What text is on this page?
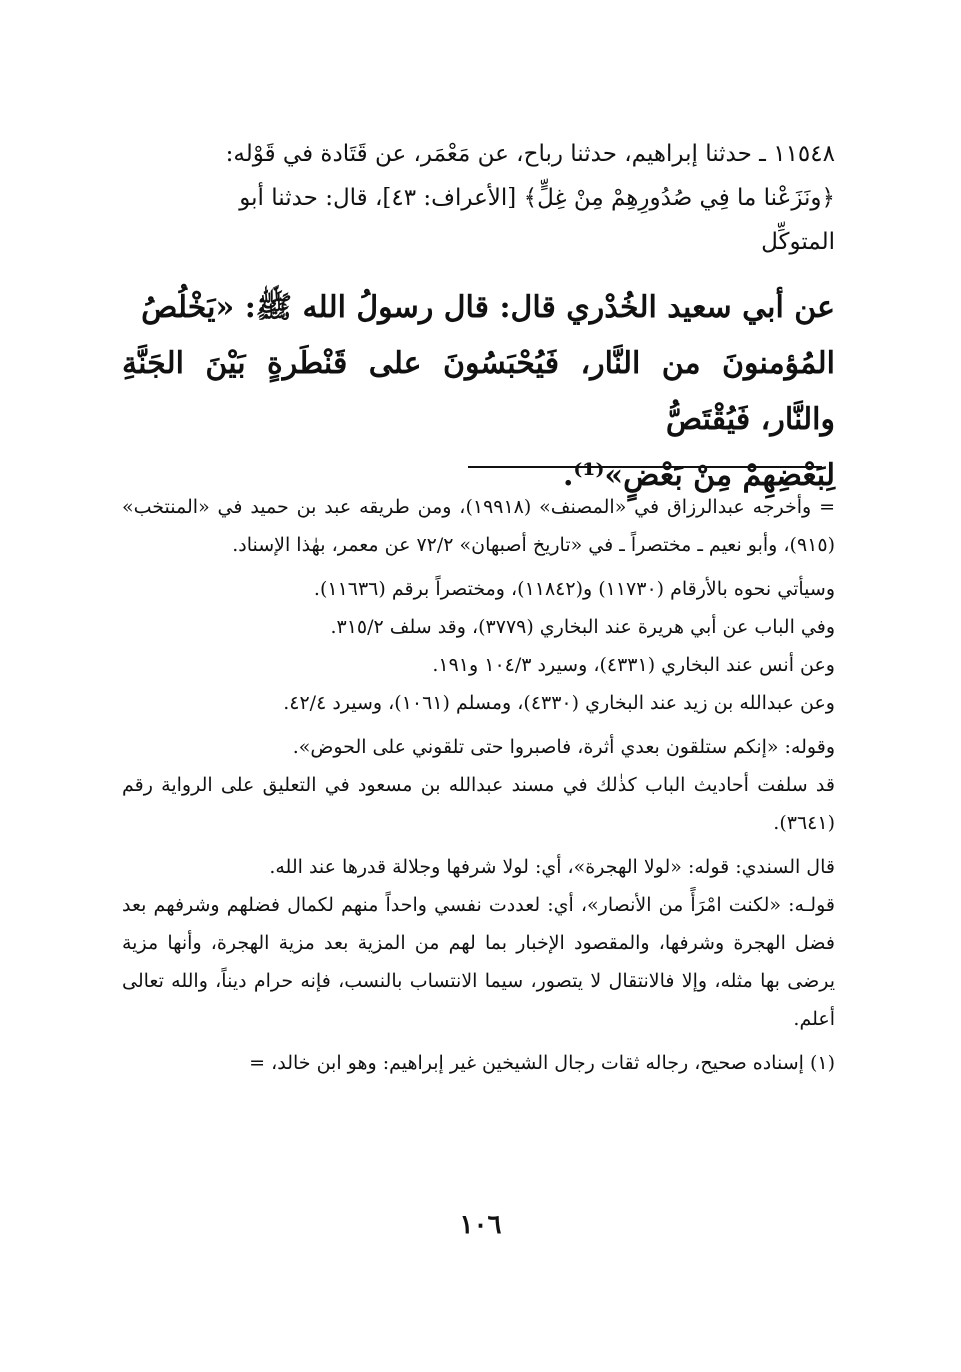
١١٥٤٨ ـ حدثنا إبراهيم، حدثنا رباح، عن مَعْمَر، عن قَتَادة في قَوْله:

﴿ونَزَعْنا ما فِي صُدُورِهِمْ مِنْ غِلٍّ﴾ [الأعراف: ٤٣]، قال: حدثنا أبو

المتوكِّل

عن أبي سعيد الخُدْري قال: قال رسولُ الله ﷺ: «يَخْلُصُ

المُؤمنونَ من النَّار، فَيُحْبَسُونَ على قَنْطَرةٍ بَيْنَ الجَنَّةِ والنَّار، فَيُقْتَصُّ

لِبَعْضِهِمْ مِنْ بَعْضٍ»⁽¹⁾.

= وأخرجه عبدالرزاق في «المصنف» (١٩٩١٨)، ومن طريقه عبد بن حميد في «المنتخب» (٩١٥)، وأبو نعيم ـ مختصراً ـ في «تاريخ أصبهان» ٧٢/٢ عن معمر، بهٰذا الإسناد.

وسيأتي نحوه بالأرقام (١١٧٣٠) و(١١٨٤٢)، ومختصراً برقم (١١٦٣٦).

وفي الباب عن أبي هريرة عند البخاري (٣٧٧٩)، وقد سلف ٣١٥/٢.

وعن أنس عند البخاري (٤٣٣١)، وسيرد ١٠٤/٣ و١٩١.

وعن عبدالله بن زيد عند البخاري (٤٣٣٠)، ومسلم (١٠٦١)، وسيرد ٤٢/٤.

وقوله: «إنكم ستلقون بعدي أثرة، فاصبروا حتى تلقوني على الحوض».

قد سلفت أحاديث الباب كذٰلك في مسند عبدالله بن مسعود في التعليق على الرواية رقم (٣٦٤١).

قال السندي: قوله: «لولا الهجرة»، أي: لولا شرفها وجلالة قدرها عند الله.

قولـه: «لكنت امْرَأً من الأنصار»، أي: لعددت نفسي واحداً منهم لكمال فضلهم وشرفهم بعد فضل الهجرة وشرفها، والمقصود الإخبار بما لهم من المزية بعد مزية الهجرة، وأنها مزية يرضى بها مثله، وإلا فالانتقال لا يتصور، سيما الانتساب بالنسب، فإنه حرام ديناً، والله تعالى أعلم.

(١) إسناده صحيح، رجاله ثقات رجال الشيخين غير إبراهيم: وهو ابن خالد، =

١٠٦
